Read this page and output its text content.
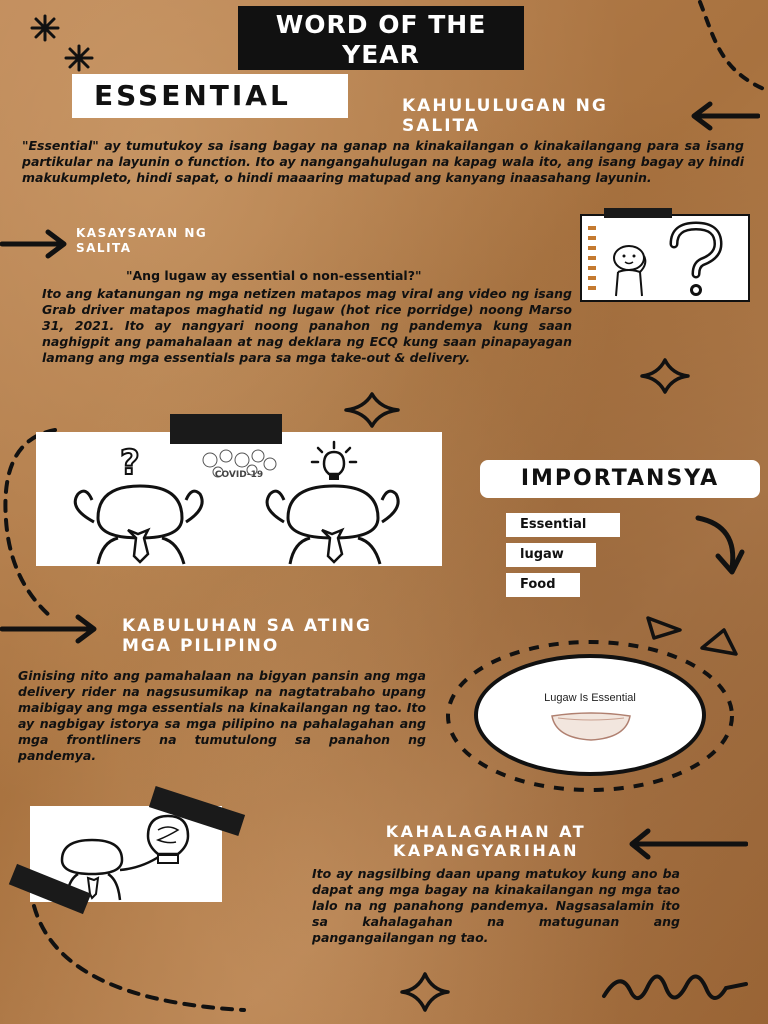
WORD OF THE YEAR
ESSENTIAL	KAHULULUGAN NG SALITA

"Essential" ay tumutukoy sa isang bagay na ganap na kinakailangan o kinakailangang para sa isang partikular na layunin o function. Ito ay nangangahulugan na kapag wala ito, ang isang bagay ay hindi makukumpleto, hindi sapat, o hindi maaaring matupad ang kanyang inaasahang layunin.

KASAYSAYAN NG SALITA

"Ang lugaw ay essential o non-essential?"

Ito ang katanungan ng mga netizen matapos mag viral ang video ng isang Grab driver matapos maghatid ng lugaw (hot rice porridge) noong Marso 31, 2021. Ito ay nangyari noong panahon ng pandemya kung saan naghigpit ang pamahalaan at nag deklara ng ECQ kung saan pinapayagan lamang ang mga essentials para sa mga take-out & delivery.

?	COVID-19	IMPORTANSYA
Essential
lugaw
Food
KABULUHAN SA ATING MGA PILIPINO

Ginising nito ang pamahalaan na bigyan pansin ang mga delivery rider na nagsusumikap na nagtatrabaho upang maibigay ang mga essentials na kinakailangan ng tao. Ito ay nagbigay istorya sa mga pilipino na pahalagahan ang mga frontliners na tumutulong sa panahon ng pandemya.

Lugaw Is Essential
KAHALAGAHAN AT KAPANGYARIHAN

Ito ay nagsilbing daan upang matukoy kung ano ba dapat ang mga bagay na kinakailangan ng mga tao lalo na ng panahong pandemya. Nagsasalamin ito sa kahalagahan na matugunan ang pangangailangan ng tao.
